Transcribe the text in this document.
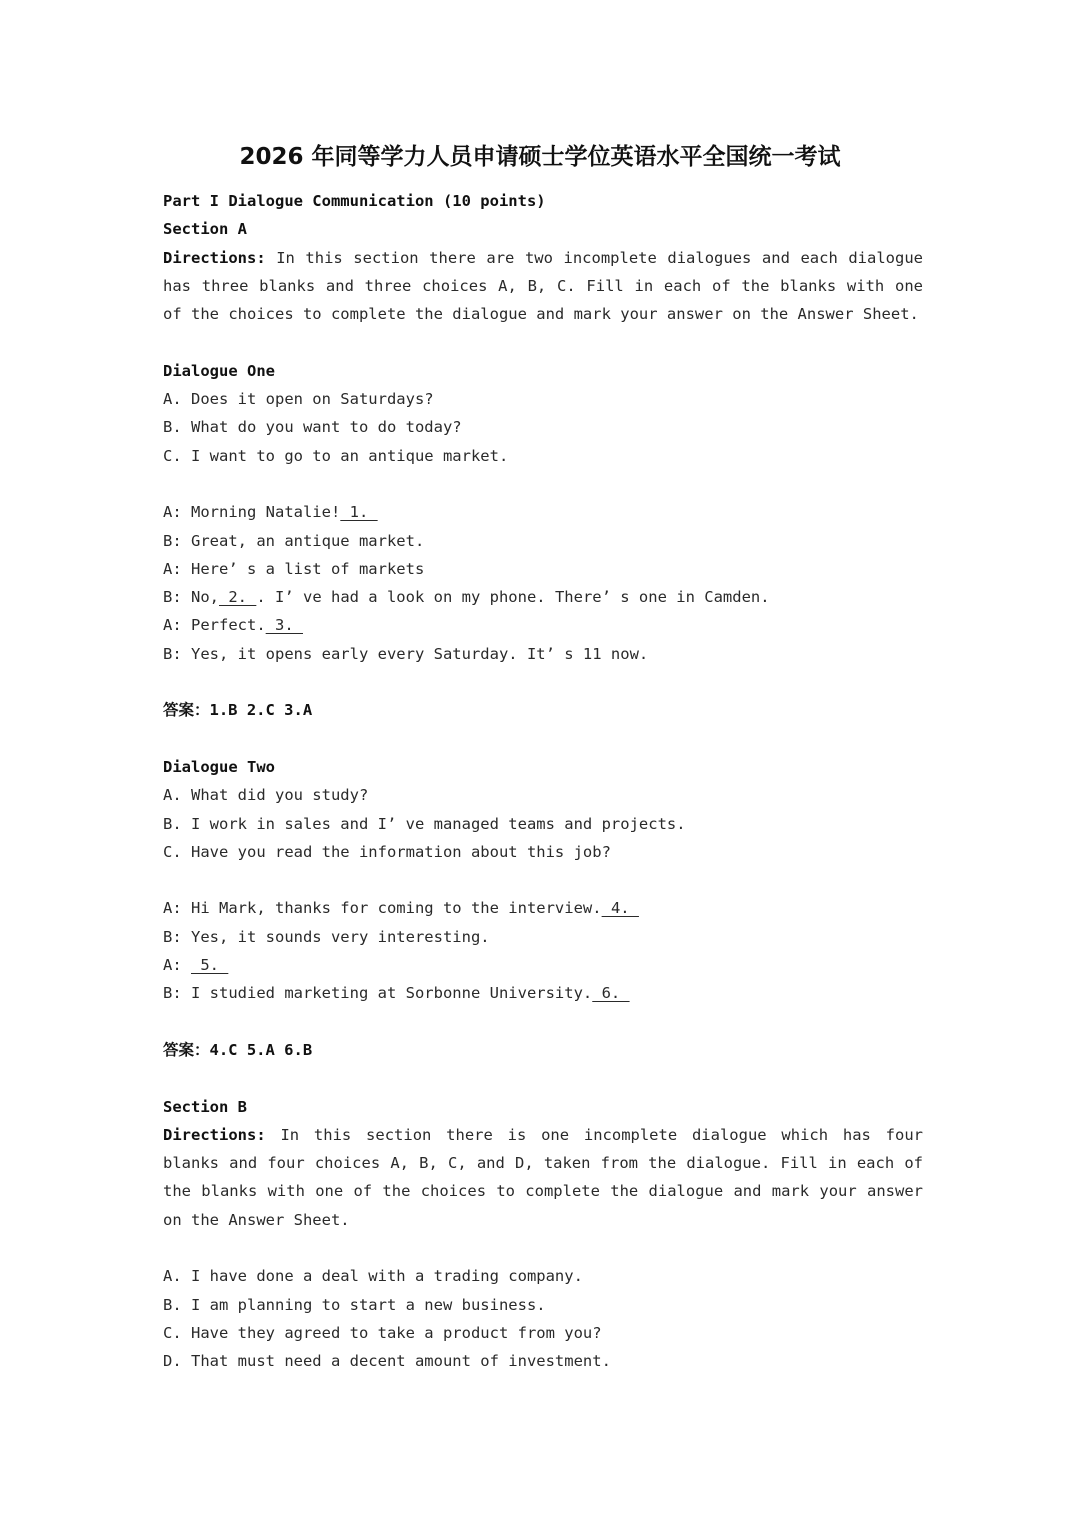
2026 年同等学力人员申请硕士学位英语水平全国统一考试

Part I Dialogue Communication (10 points)

Section A

Directions: In this section there are two incomplete dialogues and each dialogue has three blanks and three choices A, B, C. Fill in each of the blanks with one of the choices to complete the dialogue and mark your answer on the Answer Sheet.

Dialogue One

A. Does it open on Saturdays?

B. What do you want to do today?

C. I want to go to an antique market.

A: Morning Natalie! 1.

B: Great, an antique market.

A: Here’ s a list of markets

B: No, 2. . I’ ve had a look on my phone. There’ s one in Camden.

A: Perfect. 3.

B: Yes, it opens early every Saturday. It’ s 11 now.

答案：1.B 2.C 3.A

Dialogue Two

A. What did you study?

B. I work in sales and I’ ve managed teams and projects.

C. Have you read the information about this job?

A: Hi Mark, thanks for coming to the interview. 4.

B: Yes, it sounds very interesting.

A:  5.

B: I studied marketing at Sorbonne University. 6.

答案：4.C 5.A 6.B

Section B

Directions: In this section there is one incomplete dialogue which has four blanks and four choices A, B, C, and D, taken from the dialogue. Fill in each of the blanks with one of the choices to complete the dialogue and mark your answer on the Answer Sheet.

A. I have done a deal with a trading company.

B. I am planning to start a new business.

C. Have they agreed to take a product from you?

D. That must need a decent amount of investment.
